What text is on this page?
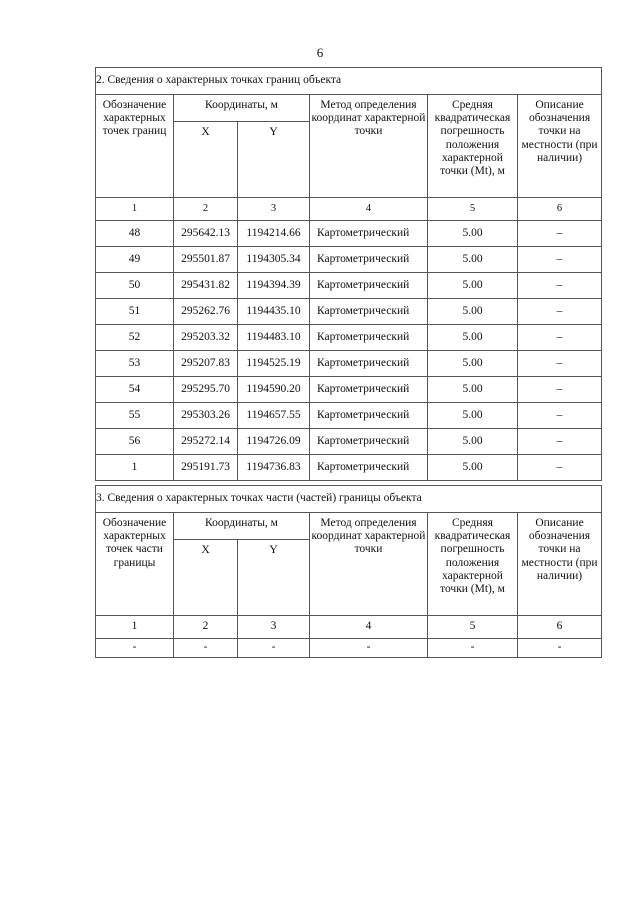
6
2. Сведения о характерных точках границ объекта					
Обозначение характерных точек границ	Координаты, м		Метод определения координат характерной точки	Средняя квадратическая погрешность положения характерной точки (Mt), м	Описание обозначения точки на местности (при наличии)
	X	Y			
1	2	3	4	5	6
48	295642.13	1194214.66	Картометрический	5.00	–
49	295501.87	1194305.34	Картометрический	5.00	–
50	295431.82	1194394.39	Картометрический	5.00	–
51	295262.76	1194435.10	Картометрический	5.00	–
52	295203.32	1194483.10	Картометрический	5.00	–
53	295207.83	1194525.19	Картометрический	5.00	–
54	295295.70	1194590.20	Картометрический	5.00	–
55	295303.26	1194657.55	Картометрический	5.00	–
56	295272.14	1194726.09	Картометрический	5.00	–
1	295191.73	1194736.83	Картометрический	5.00	–
3. Сведения о характерных точках части (частей) границы объекта					
Обозначение характерных точек части границы	Координаты, м		Метод определения координат характерной точки	Средняя квадратическая погрешность положения характерной точки (Mt), м	Описание обозначения точки на местности (при наличии)
	X	Y			
1	2	3	4	5	6
-	-	-	-	-	-
